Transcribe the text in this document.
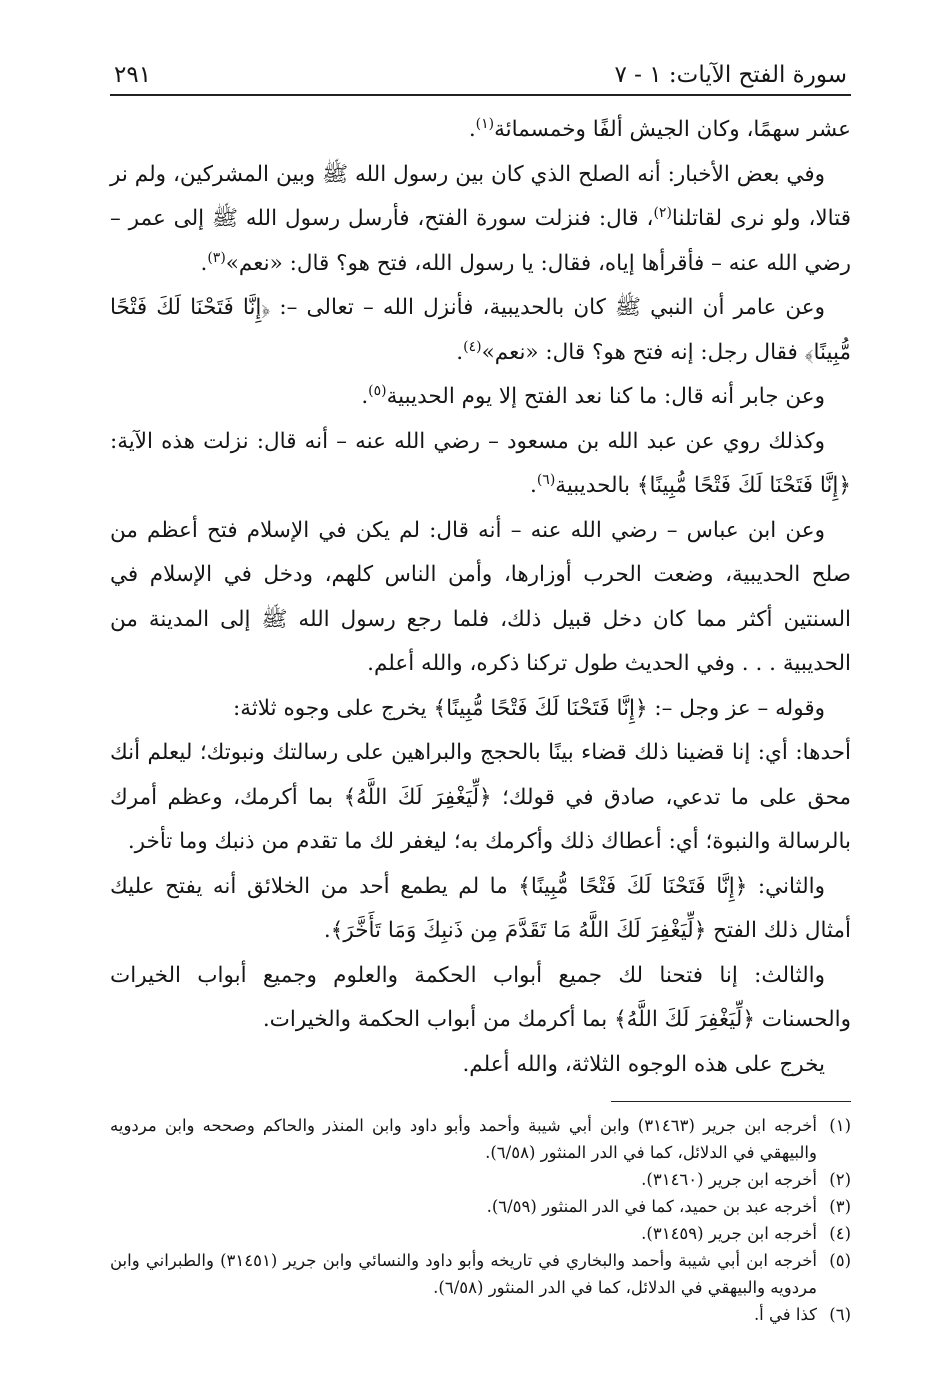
سورة الفتح الآيات: ١ - ٧
٢٩١

عشر سهمًا، وكان الجيش ألفًا وخمسمائة$^{(١)}$.

وفي بعض الأخبار: أنه الصلح الذي كان بين رسول الله ﷺ وبين المشركين، ولم نر قتالا، ولو نرى لقاتلنا$^{(٢)}$، قال: فنزلت سورة الفتح، فأرسل رسول الله ﷺ إلى عمر – رضي الله عنه – فأقرأها إياه، فقال: يا رسول الله، فتح هو؟ قال: «نعم»$^{(٣)}$.

وعن عامر أن النبي ﷺ كان بالحديبية، فأنزل الله – تعالى –: ﴿إِنَّا فَتَحْنَا لَكَ فَتْحًا مُّبِينًا﴾ فقال رجل: إنه فتح هو؟ قال: «نعم»$^{(٤)}$.

وعن جابر أنه قال: ما كنا نعد الفتح إلا يوم الحديبية$^{(٥)}$.

وكذلك روي عن عبد الله بن مسعود – رضي الله عنه – أنه قال: نزلت هذه الآية: ﴿إِنَّا فَتَحْنَا لَكَ فَتْحًا مُّبِينًا﴾ بالحديبية$^{(٦)}$.

وعن ابن عباس – رضي الله عنه – أنه قال: لم يكن في الإسلام فتح أعظم من صلح الحديبية، وضعت الحرب أوزارها، وأمن الناس كلهم، ودخل في الإسلام في السنتين أكثر مما كان دخل قبيل ذلك، فلما رجع رسول الله ﷺ إلى المدينة من الحديبية . . . وفي الحديث طول تركنا ذكره، والله أعلم.

وقوله – عز وجل –: ﴿إِنَّا فَتَحْنَا لَكَ فَتْحًا مُّبِينًا﴾ يخرج على وجوه ثلاثة:

أحدها: أي: إنا قضينا ذلك قضاء بينًا بالحجج والبراهين على رسالتك ونبوتك؛ ليعلم أنك محق على ما تدعي، صادق في قولك؛ ﴿لِّيَغْفِرَ لَكَ اللَّهُ﴾ بما أكرمك، وعظم أمرك بالرسالة والنبوة؛ أي: أعطاك ذلك وأكرمك به؛ ليغفر لك ما تقدم من ذنبك وما تأخر.

والثاني: ﴿إِنَّا فَتَحْنَا لَكَ فَتْحًا مُّبِينًا﴾ ما لم يطمع أحد من الخلائق أنه يفتح عليك أمثال ذلك الفتح ﴿لِّيَغْفِرَ لَكَ اللَّهُ مَا تَقَدَّمَ مِن ذَنبِكَ وَمَا تَأَخَّرَ﴾.

والثالث: إنا فتحنا لك جميع أبواب الحكمة والعلوم وجميع أبواب الخيرات والحسنات ﴿لِّيَغْفِرَ لَكَ اللَّهُ﴾ بما أكرمك من أبواب الحكمة والخيرات.

يخرج على هذه الوجوه الثلاثة، والله أعلم.

(١)
أخرجه ابن جرير (٣١٤٦٣) وابن أبي شيبة وأحمد وأبو داود وابن المنذر والحاكم وصححه وابن مردويه والبيهقي في الدلائل، كما في الدر المنثور (٦/٥٨).
(٢)
أخرجه ابن جرير (٣١٤٦٠).
(٣)
أخرجه عبد بن حميد، كما في الدر المنثور (٦/٥٩).
(٤)
أخرجه ابن جرير (٣١٤٥٩).
(٥)
أخرجه ابن أبي شيبة وأحمد والبخاري في تاريخه وأبو داود والنسائي وابن جرير (٣١٤٥١) والطبراني وابن مردويه والبيهقي في الدلائل، كما في الدر المنثور (٦/٥٨).
(٦)
كذا في أ.
